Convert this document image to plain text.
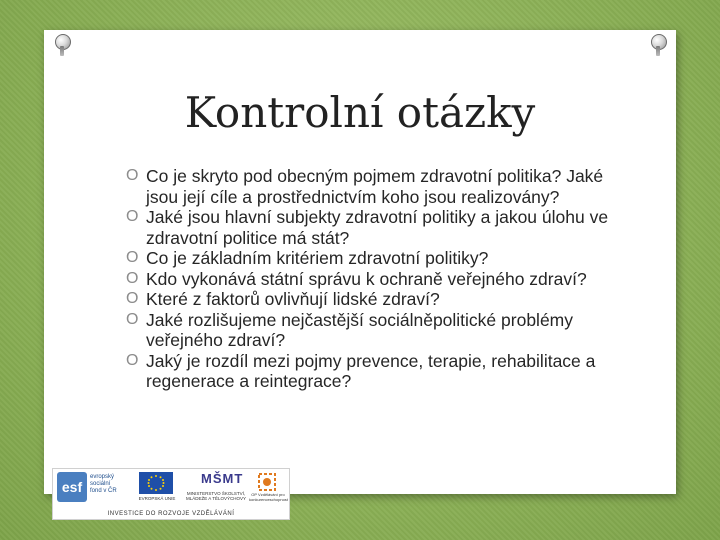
Kontrolní otázky
O Co je skryto pod obecným pojmem zdravotní politika? Jaké jsou její cíle a prostřednictvím koho jsou realizovány?
O Jaké jsou hlavní subjekty zdravotní politiky a jakou úlohu ve zdravotní politice má stát?
O Co je základním kritériem zdravotní politiky?
O Kdo vykonává státní správu k ochraně veřejného zdraví?
O Které z faktorů ovlivňují lidské zdraví?
O Jaké rozlišujeme nejčastější sociálněpolitické problémy veřejného zdraví?
O Jaký je rozdíl mezi pojmy prevence, terapie, rehabilitace a regenerace a reintegrace?
esf
evropský sociální fond v ČR
EVROPSKÁ UNIE
MŠMT
MINISTERSTVO ŠKOLSTVÍ, MLÁDEŽE A TĚLOVÝCHOVY
OP Vzdělávání pro konkurenceschopnost
INVESTICE DO ROZVOJE VZDĚLÁVÁNÍ
